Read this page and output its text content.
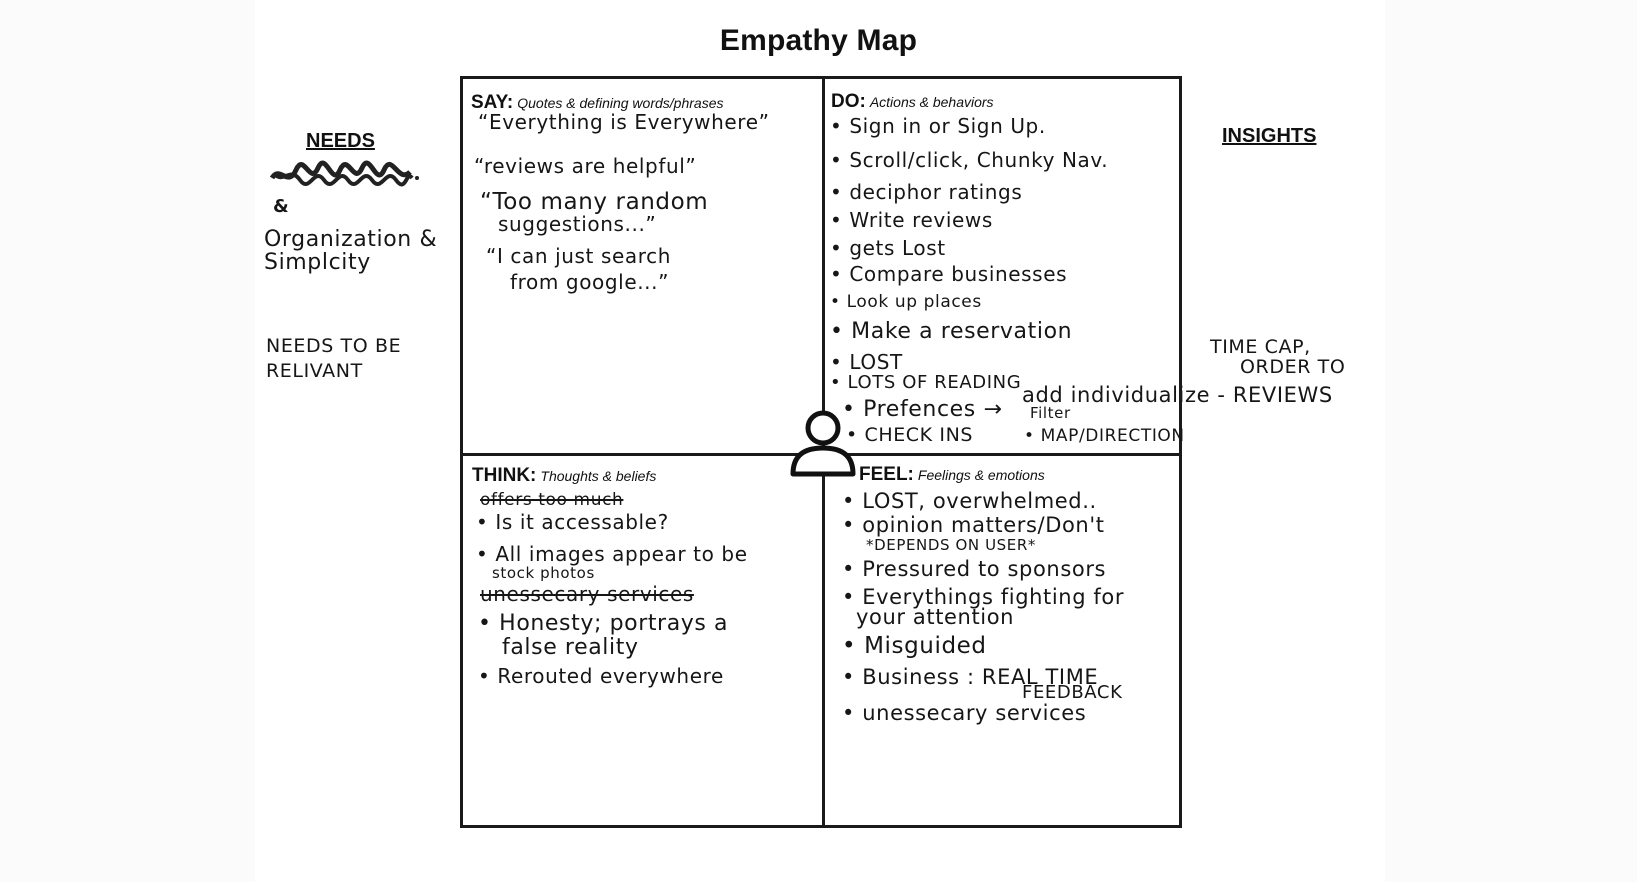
Empathy Map
NEEDS
&
Organization & Simplcity
NEEDS TO BE RELIVANT
INSIGHTS
TIME CAP,
ORDER TO
add individualize - REVIEWS
SAY: Quotes & defining words/phrases
“Everything is Everywhere”
“reviews are helpful”
“Too many random
suggestions...”
“I can just search
from google...”
DO: Actions & behaviors
• Sign in or Sign Up.
• Scroll/click, Chunky Nav.
• deciphor ratings
• Write reviews
• gets Lost
• Compare businesses
• Look up places
• Make a reservation
• LOST
• LOTS OF READING
• Prefences → Filter
• CHECK INS	• MAP/DIRECTION
THINK: Thoughts & beliefs
offers too much
• Is it accessable?
• All images appear to be
stock photos
unessecary services
• Honesty; portrays a
false reality
• Rerouted everywhere
FEEL: Feelings & emotions
• LOST, overwhelmed..
• opinion matters/Don't
*DEPENDS ON USER*
• Pressured to sponsors
• Everythings fighting for
your attention
• Misguided
• Business : REAL TIME
FEEDBACK
• unessecary services
